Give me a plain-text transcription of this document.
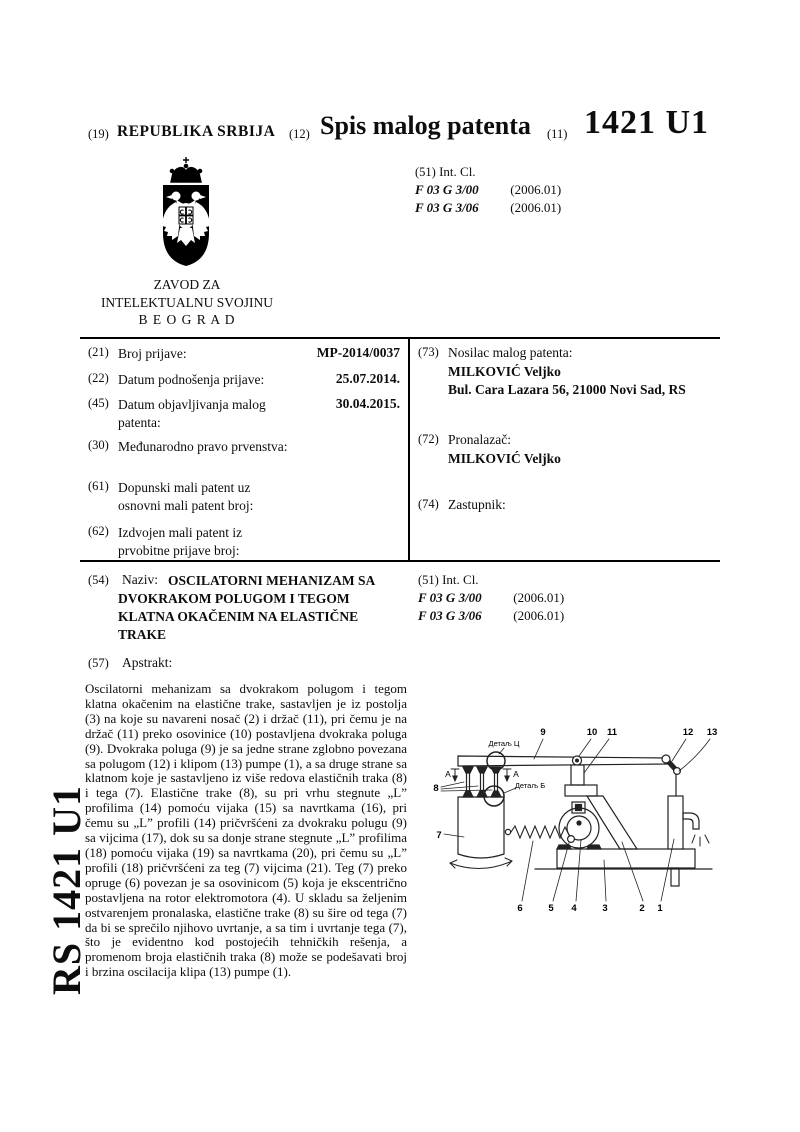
(19) REPUBLIKA SRBIJA (12) Spis malog patenta (11) 1421 U1
(51) Int. Cl.
F 03 G 3/00 (2006.01)
F 03 G 3/06 (2006.01)
ZAVOD ZA
INTELEKTUALNU SVOJINU
B E O G R A D
(21) Broj prijave:	MP-2014/0037
(22) Datum podnošenja prijave:	25.07.2014.
(45) Datum objavljivanja malog
patenta:
30.04.2015.
(30) Međunarodno pravo prvenstva:
(61) Dopunski mali patent uz
osnovni mali patent broj:
(62) Izdvojen mali patent iz
prvobitne prijave broj:
(73) Nosilac malog patenta:
MILKOVIĆ Veljko
Bul. Cara Lazara 56, 21000 Novi Sad, RS
(72) Pronalazač:
MILKOVIĆ Veljko
(74) Zastupnik:
(54) Naziv: OSCILATORNI MEHANIZAM SA
DVOKRAKOM POLUGOM I TEGOM
KLATNA OKAČENIM NA ELASTIČNE
TRAKE
(51) Int. Cl.
F 03 G 3/00 (2006.01)
F 03 G 3/06 (2006.01)
(57) Apstrakt:
Oscilatorni mehanizam sa dvokrakom polugom i tegom klatna okačenim na elastične trake, sastavljen je iz postolja (3) na koje su navareni nosač (2) i držač (11), pri čemu je na držač (11) preko osovinice (10) postavljena dvokraka poluga (9). Dvokraka poluga (9) je sa jedne strane zglobno povezana sa polugom (12) i klipom (13) pumpe (1), a sa druge strane sa klatnom koje je sastavljeno iz više redova elastičnih traka (8) i tega (7). Elastične trake (8), su pri vrhu stegnute „L” profilima (14) pomoću vijaka (15) sa navrtkama (16), pri čemu su „L” profili (14) pričvršćeni za dvokraku polugu (9) sa vijcima (17), dok su sa donje strane stegnute „L” profilima (18) pomoću vijaka (19) sa navrtkama (20), pri čemu su „L” profili (18) pričvršćeni za teg (7) vijcima (21). Teg (7) preko opruge (6) povezan je sa osovinicom (5) koja je ekscentrično postavljena na rotor elektromotora (4). U skladu sa željenim ostvarenjem pronalaska, elastične trake (8) su šire od tega (7) da bi se sprečilo njihovo uvrtanje, a sa tim i uvrtanje tega (7), što je evidentno kod postojećih tehničkih rešenja, a promenom broja elastičnih traka (8) može se podešavati broj i brzina oscilacija klipa (13) pumpe (1).
RS 1421 U1
9	10 11	12 13
8
7
6	5 4	3	2 1
Детаљ Ц
Детаљ Б
A	A
